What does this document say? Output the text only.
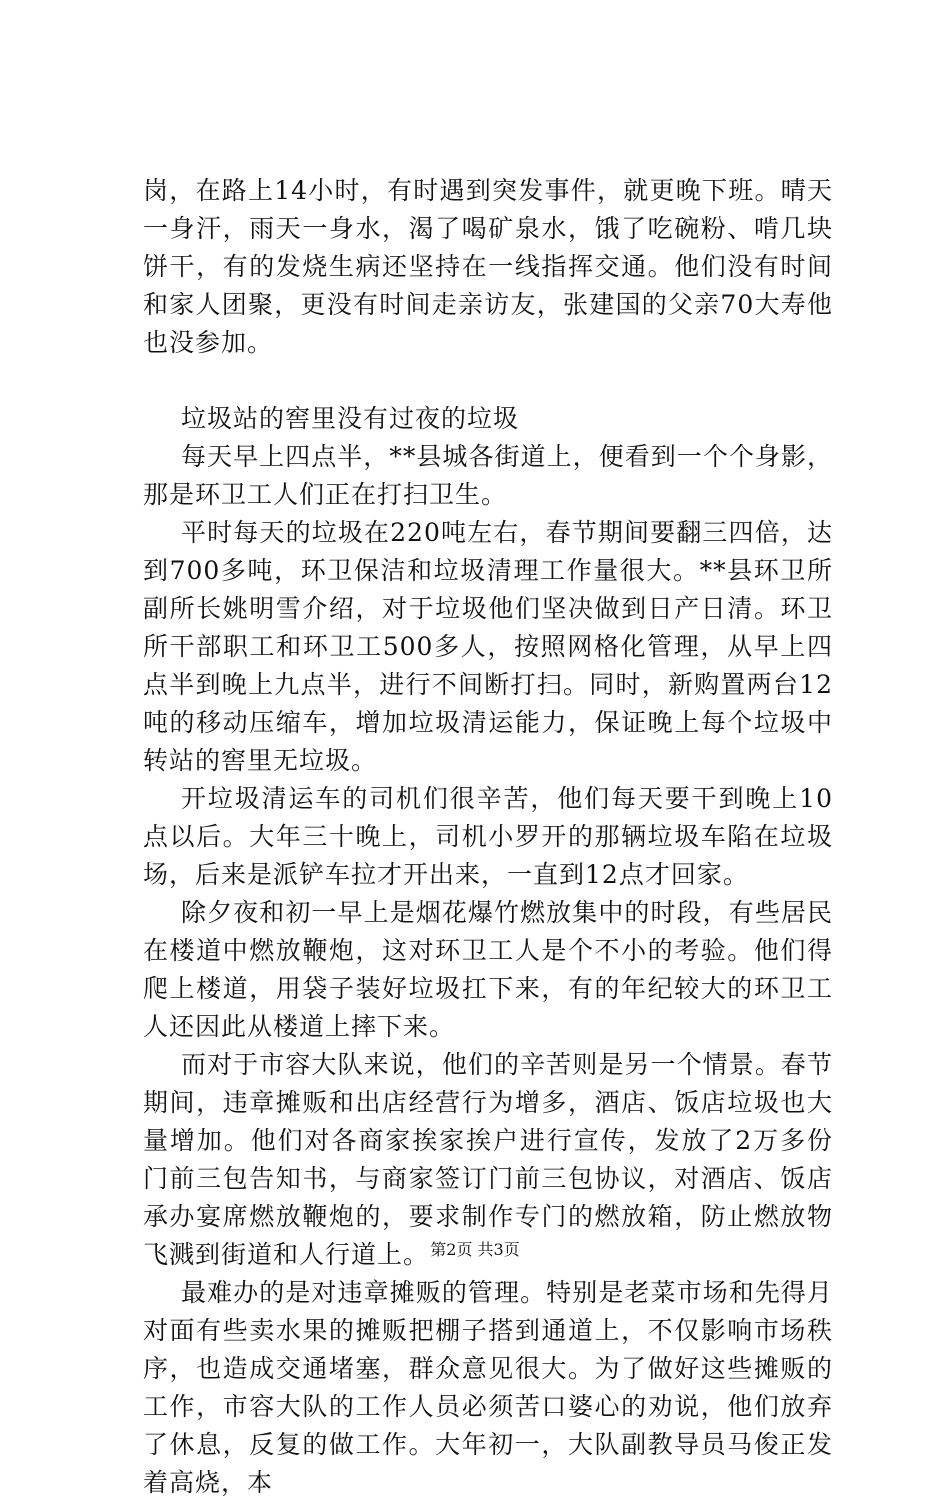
岗，在路上14小时，有时遇到突发事件，就更晚下班。晴天一身汗，雨天一身水，渴了喝矿泉水，饿了吃碗粉、啃几块饼干，有的发烧生病还坚持在一线指挥交通。他们没有时间和家人团聚，更没有时间走亲访友，张建国的父亲70大寿他也没参加。

垃圾站的窖里没有过夜的垃圾

每天早上四点半，**县城各街道上，便看到一个个身影，那是环卫工人们正在打扫卫生。

平时每天的垃圾在220吨左右，春节期间要翻三四倍，达到700多吨，环卫保洁和垃圾清理工作量很大。**县环卫所副所长姚明雪介绍，对于垃圾他们坚决做到日产日清。环卫所干部职工和环卫工500多人，按照网格化管理，从早上四点半到晚上九点半，进行不间断打扫。同时，新购置两台12吨的移动压缩车，增加垃圾清运能力，保证晚上每个垃圾中转站的窖里无垃圾。

开垃圾清运车的司机们很辛苦，他们每天要干到晚上10点以后。大年三十晚上，司机小罗开的那辆垃圾车陷在垃圾场，后来是派铲车拉才开出来，一直到12点才回家。

除夕夜和初一早上是烟花爆竹燃放集中的时段，有些居民在楼道中燃放鞭炮，这对环卫工人是个不小的考验。他们得爬上楼道，用袋子装好垃圾扛下来，有的年纪较大的环卫工人还因此从楼道上摔下来。

而对于市容大队来说，他们的辛苦则是另一个情景。春节期间，违章摊贩和出店经营行为增多，酒店、饭店垃圾也大量增加。他们对各商家挨家挨户进行宣传，发放了2万多份门前三包告知书，与商家签订门前三包协议，对酒店、饭店承办宴席燃放鞭炮的，要求制作专门的燃放箱，防止燃放物飞溅到街道和人行道上。

最难办的是对违章摊贩的管理。特别是老菜市场和先得月对面有些卖水果的摊贩把棚子搭到通道上，不仅影响市场秩序，也造成交通堵塞，群众意见很大。为了做好这些摊贩的工作，市容大队的工作人员必须苦口婆心的劝说，他们放弃了休息，反复的做工作。大年初一，大队副教导员马俊正发着高烧，本

第2页 共3页
